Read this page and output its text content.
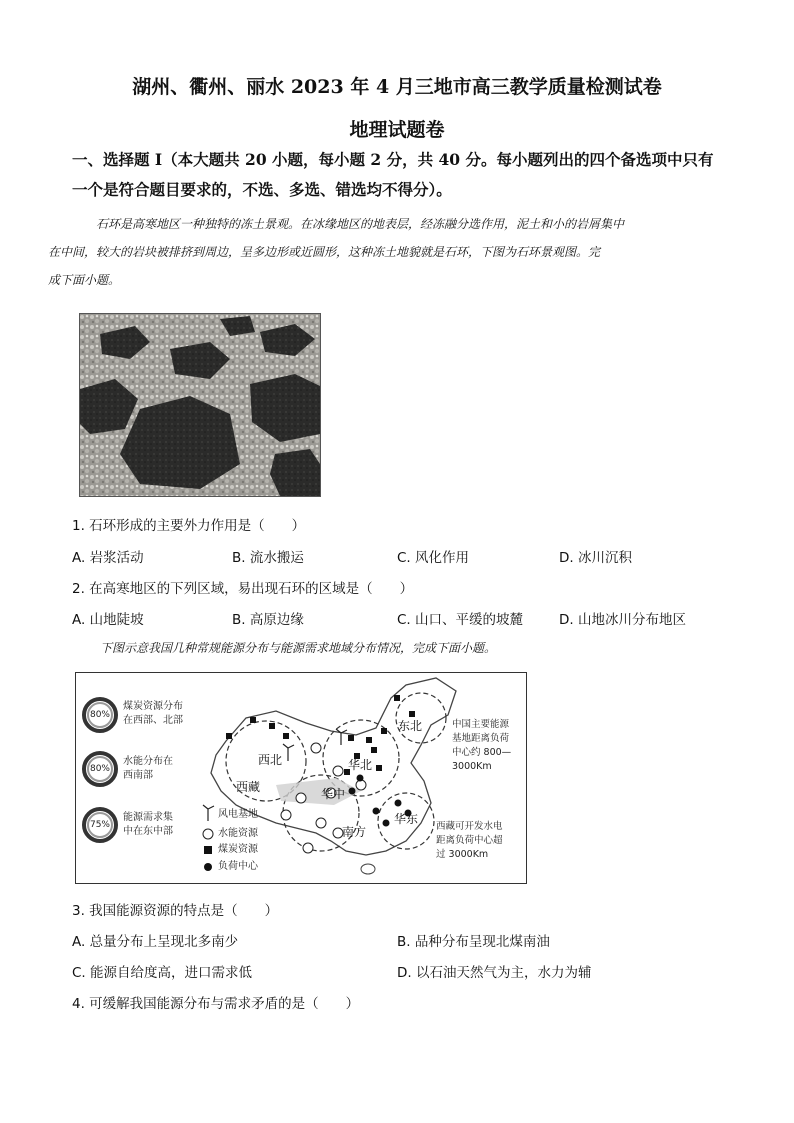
湖州、衢州、丽水 2023 年 4 月三地市高三教学质量检测试卷
地理试题卷
一、选择题 I（本大题共 20 小题，每小题 2 分，共 40 分。每小题列出的四个备选项中只有
一个是符合题目要求的，不选、多选、错选均不得分）。
石环是高寒地区一种独特的冻土景观。在冰缘地区的地表层，经冻融分选作用，泥土和小的岩屑集中
在中间，较大的岩块被排挤到周边，呈多边形或近圆形，这种冻土地貌就是石环，下图为石环景观图。完
成下面小题。
1. 石环形成的主要外力作用是（　　）
A. 岩浆活动	B. 流水搬运	C. 风化作用	D. 冰川沉积
2. 在高寒地区的下列区域，易出现石环的区域是（　　）
A. 山地陡坡	B. 高原边缘	C. 山口、平缓的坡麓	D. 山地冰川分布地区
下图示意我国几种常规能源分布与能源需求地域分布情况，完成下面小题。
80%
80%
75%
煤炭资源分布
在西部、北部
水能分布在
西南部
能源需求集
中在东中部
风电基地
水能资源
煤炭资源
负荷中心
东北
西北	华北
西藏	华中
南方
华东
中国主要能源
基地距离负荷
中心约 800—
3000Km
西藏可开发水电
距离负荷中心超
过 3000Km
3. 我国能源资源的特点是（　　）
A. 总量分布上呈现北多南少	B. 品种分布呈现北煤南油
C. 能源自给度高，进口需求低	D. 以石油天然气为主，水力为辅
4. 可缓解我国能源分布与需求矛盾的是（　　）
